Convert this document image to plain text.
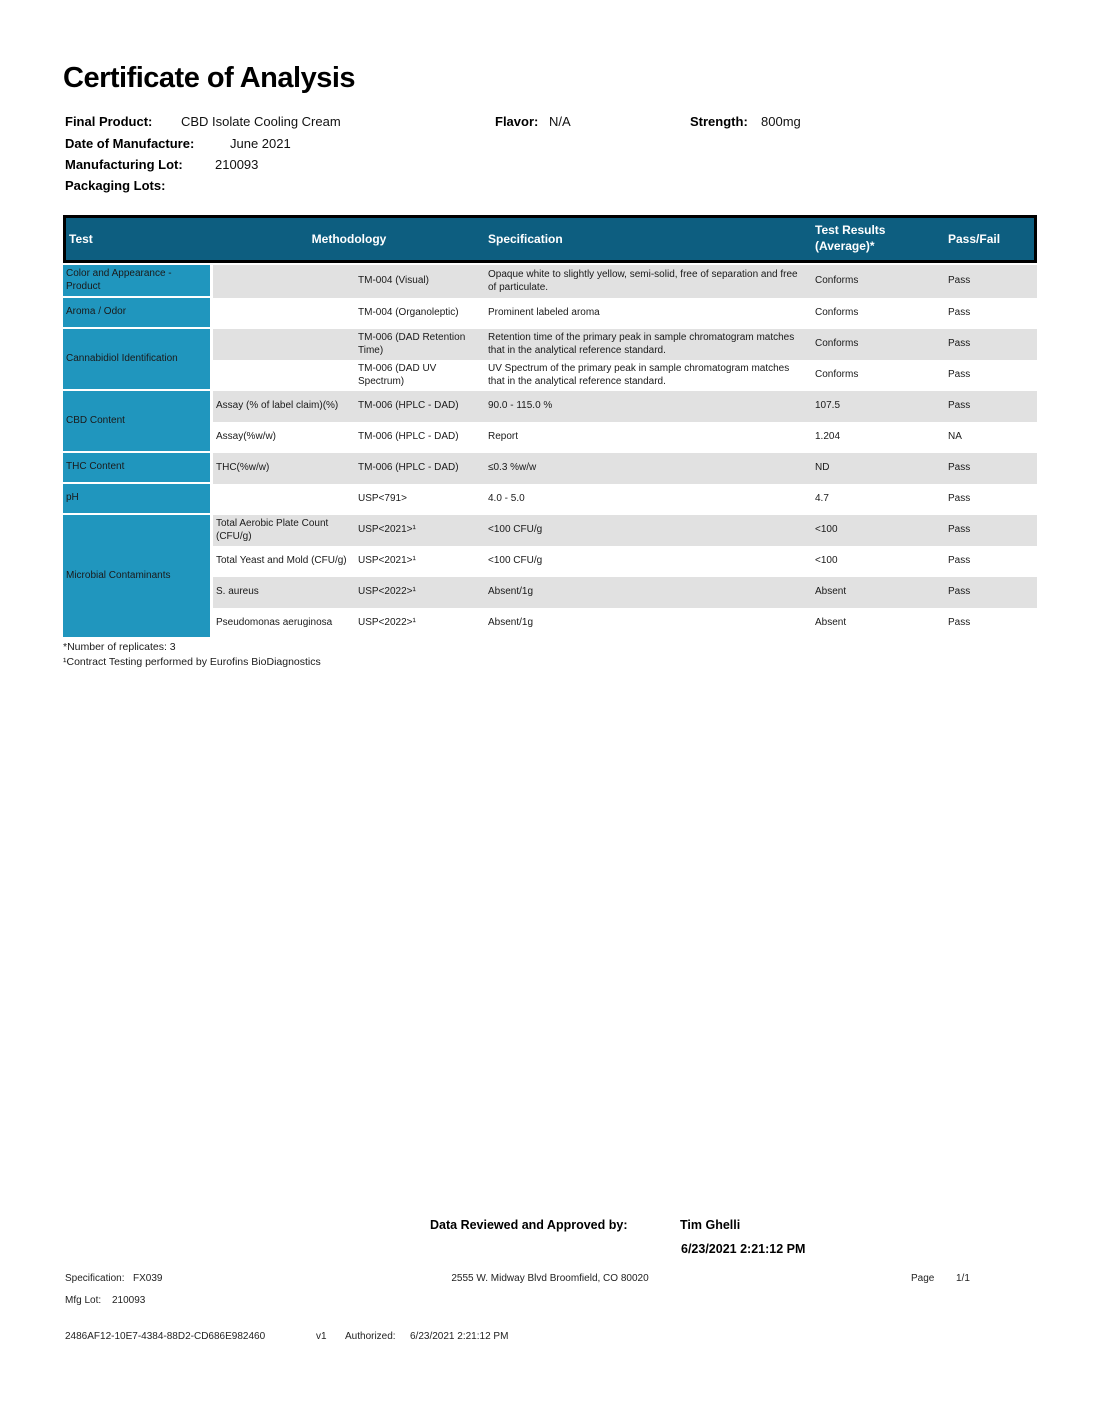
Certificate of Analysis
Final Product: CBD Isolate Cooling Cream	Flavor: N/A	Strength: 800mg
Date of Manufacture:	June 2021
Manufacturing Lot: 210093
Packaging Lots:
Test	Methodology		Specification	Test Results (Average)*	Pass/Fail
Color and Appearance - Product		TM-004 (Visual)	Opaque white to slightly yellow, semi-solid, free of separation and free of particulate.	Conforms	Pass
Aroma / Odor		TM-004 (Organoleptic)	Prominent labeled aroma	Conforms	Pass
Cannabidiol Identification		TM-006 (DAD Retention Time)	Retention time of the primary peak in sample chromatogram matches that in the analytical reference standard.	Conforms	Pass
		TM-006 (DAD UV Spectrum)	UV Spectrum of the primary peak in sample chromatogram matches that in the analytical reference standard.	Conforms	Pass
CBD Content	Assay (% of label claim)(%)	TM-006 (HPLC - DAD)	90.0 - 115.0 %	107.5	Pass
	Assay(%w/w)	TM-006 (HPLC - DAD)	Report	1.204	NA
THC Content	THC(%w/w)	TM-006 (HPLC - DAD)	≤0.3 %w/w	ND	Pass
pH		USP<791>	4.0 - 5.0	4.7	Pass
Microbial Contaminants	Total Aerobic Plate Count (CFU/g)	USP<2021>¹	<100 CFU/g	<100	Pass
	Total Yeast and Mold (CFU/g)	USP<2021>¹	<100 CFU/g	<100	Pass
	S. aureus	USP<2022>¹	Absent/1g	Absent	Pass
	Pseudomonas aeruginosa	USP<2022>¹	Absent/1g	Absent	Pass
*Number of replicates: 3
¹Contract Testing performed by Eurofins BioDiagnostics
Data Reviewed and Approved by:	Tim Ghelli
6/23/2021 2:21:12 PM
Specification: FX039
Mfg Lot: 210093
2555 W. Midway Blvd Broomfield, CO 80020	Page 1/1
2486AF12-10E7-4384-88D2-CD686E982460	v1 Authorized: 6/23/2021 2:21:12 PM
